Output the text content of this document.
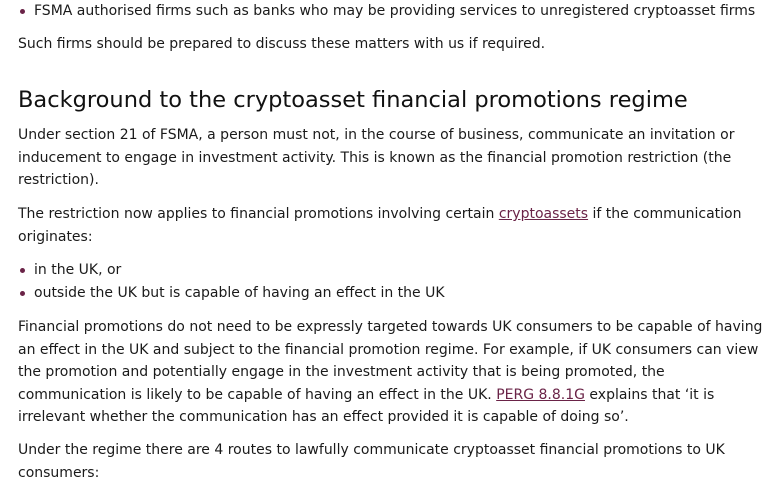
FSMA authorised firms such as banks who may be providing services to unregistered cryptoasset firms

Such firms should be prepared to discuss these matters with us if required.

Background to the cryptoasset financial promotions regime

Under section 21 of FSMA, a person must not, in the course of business, communicate an invitation or inducement to engage in investment activity. This is known as the financial promotion restriction (the restriction).

The restriction now applies to financial promotions involving certain cryptoassets if the communication originates:

in the UK, or
outside the UK but is capable of having an effect in the UK

Financial promotions do not need to be expressly targeted towards UK consumers to be capable of having an effect in the UK and subject to the financial promotion regime. For example, if UK consumers can view the promotion and potentially engage in the investment activity that is being promoted, the communication is likely to be capable of having an effect in the UK. PERG 8.8.1G explains that ‘it is irrelevant whether the communication has an effect provided it is capable of doing so’.

Under the regime there are 4 routes to lawfully communicate cryptoasset financial promotions to UK consumers:
